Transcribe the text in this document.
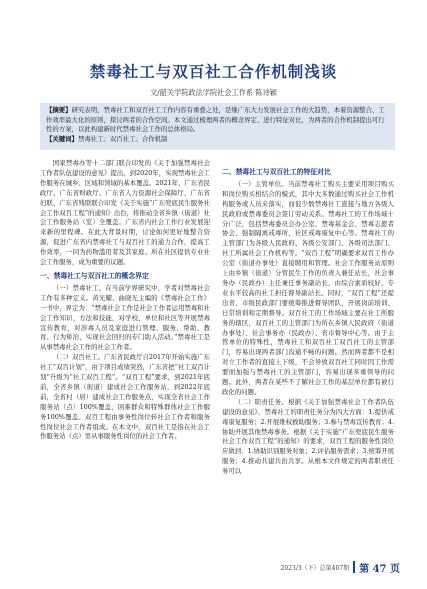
禁毒社工与双百社工合作机制浅谈
文/韶关学院政法学院社会工作系 陈诗颖
【摘要】研究表明，禁毒社工和双百社工工作内容有重叠之处，是继广东大力发展社会工作的大趋势，本着资源整合、工作效率最大化的原则，探讨两者的合作空间。本文通过梳理两者的概念界定、进行特征对比，为两者的合作机制提出可行性的方案，以此构建新时代禁毒社会工作的总体格局。
【关键词】禁毒社工；双百社工；合作机制

国家禁毒办等十二部门联合印发的《关于加强禁毒社会工作者队伍建设的意见》提出，到2020年，实现禁毒社会工作服务在城乡、区域和领域的基本覆盖。2021年，广东省民政厅、广东省财政厅、广东省人力资源社会保障厅、广东省妇联、广东省残联联合印发《关于实施“广东兜底民生服务社会工作双百工程”的通知》出台，将推动全省乡镇（街道）社会工作服务站（室）全覆盖。广东省内社会工作行业发展迎来新的里程碑。在此大背景时期，讨论如何更好地整合资源，促进广东省内禁毒社工与双百社工的通力合作，提高工作效率，一同为药物滥用者及其家庭、所在社区提供专业社会工作服务，成为重要的议题。

一、禁毒社工与双百社工的概念界定

（一）禁毒社工。在当前学界研究中，学者对禁毒社会工作有多种定义。黄光耀、曲晓光主编的《禁毒社会工作》一书中，界定为：“禁毒社会工作是社会工作者运用禁毒和社会工作知识、方法和技能，对学校、单位和社区等开展禁毒宣传教育，对涉毒人员及家庭进行管理、服务、帮助、教育、行为矫治，实现社会回归的专门助人活动。”禁毒社工是从事禁毒社会工作的社会工作者。

（二）双百社工。广东省民政厅自2017年开始实施广东社工“双百计划”，由于项目成绩突然，广东省把“社工双百计划”升级为“社工双百工程”。“双百工程”要求，到2021年底前，全省乡镇（街道）建成社会工作服务站，到2022年底前，全省村（居）建成社会工作服务点，实现全省社会工作服务站（点）100%覆盖，困难群众和特殊群体社会工作服务100%覆盖。双百工程由事务性岗位转社会工作者和服务性岗位社会工作者组成。在本文中，双百社工是指在社会工作服务站（点）里从事服务性岗位的社会工作者。

二、禁毒社工与双百社工的特征对比

（一）主管单位。当前禁毒社工购买主要采用项目购买和岗位购买相结合的模式，其中大多数通过购买社会工作机构服务或人员来落实，而很少数禁毒社工直接与地方各级人民政府或禁毒委员会签订劳动关系。禁毒社工的工作场域十分广泛，包括禁毒委员会办公室、禁毒基金会、禁毒志愿者协会、强制隔离戒毒所、社区戒毒康复中心等。禁毒社工的主管部门为各级人民政府、各级公安部门、各级司法部门、社工所属社会工作机构等。“双百工程”明确要求双百工作办公室（街道办事处）直接聘用和管理。社会工作服务站原则上由乡镇（街道）分管民生工作的负责人兼任站长，社会事务办（民政办）主任兼任事务副站长，由综合素质较好、专业水平较高的社工担任督导副站长。同时，“双百工程”还提出省、市级民政部门要统筹推进督导团队，开展岗前培训、日常培训和定期督导。双百社工的工作场域主要在社工所服务的辖区，双百社工的主管部门为所在乡镇人民政府（街道办事处）、社会事务办（民政办）、省市督导中心等。由于主管单位的特殊性，禁毒社工和双百社工双百社工的主管部门，容易出现两者部门沟通不畅的问题。然而两者都不是相对立工作者的直接上下级，不会导致双百社工同时因工作需要而加强与禁毒社工的主管部门，容易出现多重领导的问题。此外，两者在某些不了解社会工作的基层单位都有被行政化的问题。

（二）职责任务。根据《关于加强禁毒社会工作者队伍建设的意见》，禁毒社工的职责任务分为四大方面：1.提供戒毒康复服务；2.开展维权救助服务；3.参与禁毒宣传教育；4.协助开展其他禁毒事务。根据《关于实施“广东兜底民生服务社会工作双百工程”的通知》的要求，双百工程的服务性岗位应做到：1.协助识别服务对象；2.评估服务需求；3.统筹开展服务；4.推动共建共治共享。从根本文件规定的两者职责任务可以

2023/3（下）总第407期 第 47 页
